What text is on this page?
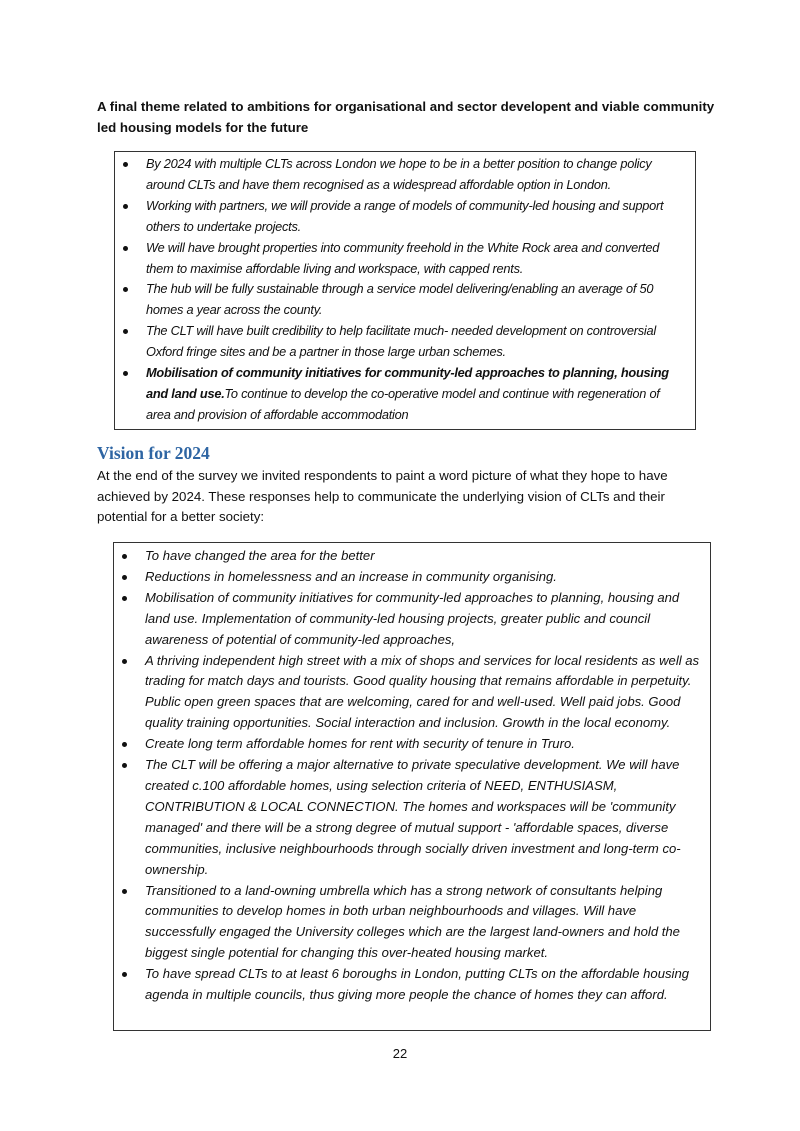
A final theme related to ambitions for organisational and sector developent and viable community led housing models for the future
By 2024 with multiple CLTs across London we hope to be in a better position to change policy around CLTs and have them recognised as a widespread affordable option in London.
Working with partners, we will provide a range of models of community-led housing and support others to undertake projects.
We will have brought properties into community freehold in the White Rock area and converted them to maximise affordable living and workspace, with capped rents.
The hub will be fully sustainable through a service model delivering/enabling an average of 50 homes a year across the county.
The CLT will have built credibility to help facilitate much- needed development on controversial Oxford fringe sites and be a partner in those large urban schemes.
Mobilisation of community initiatives for community-led approaches to planning, housing and land use.To continue to develop the co-operative model and continue with regeneration of area and provision of affordable accommodation
Vision for 2024
At the end of the survey we invited respondents to paint a word picture of what they hope to have achieved by 2024. These responses help to communicate the underlying vision of CLTs and their potential for a better society:
To have changed the area for the better
Reductions in homelessness and an increase in community organising.
Mobilisation of community initiatives for community-led approaches to planning, housing and land use. Implementation of community-led housing projects, greater public and council awareness of potential of community-led approaches,
A thriving independent high street with a mix of shops and services for local residents as well as trading for match days and tourists. Good quality housing that remains affordable in perpetuity. Public open green spaces that are welcoming, cared for and well-used. Well paid jobs. Good quality training opportunities. Social interaction and inclusion. Growth in the local economy.
Create long term affordable homes for rent with security of tenure in Truro.
The CLT will be offering a major alternative to private speculative development. We will have created c.100 affordable homes, using selection criteria of NEED, ENTHUSIASM, CONTRIBUTION & LOCAL CONNECTION. The homes and workspaces will be 'community managed' and there will be a strong degree of mutual support - 'affordable spaces, diverse communities, inclusive neighbourhoods through socially driven investment and long-term co-ownership.
Transitioned to a land-owning umbrella which has a strong network of consultants helping communities to develop homes in both urban neighbourhoods and villages. Will have successfully engaged the University colleges which are the largest land-owners and hold the biggest single potential for changing this over-heated housing market.
To have spread CLTs to at least 6 boroughs in London, putting CLTs on the affordable housing agenda in multiple councils, thus giving more people the chance of homes they can afford.
22
